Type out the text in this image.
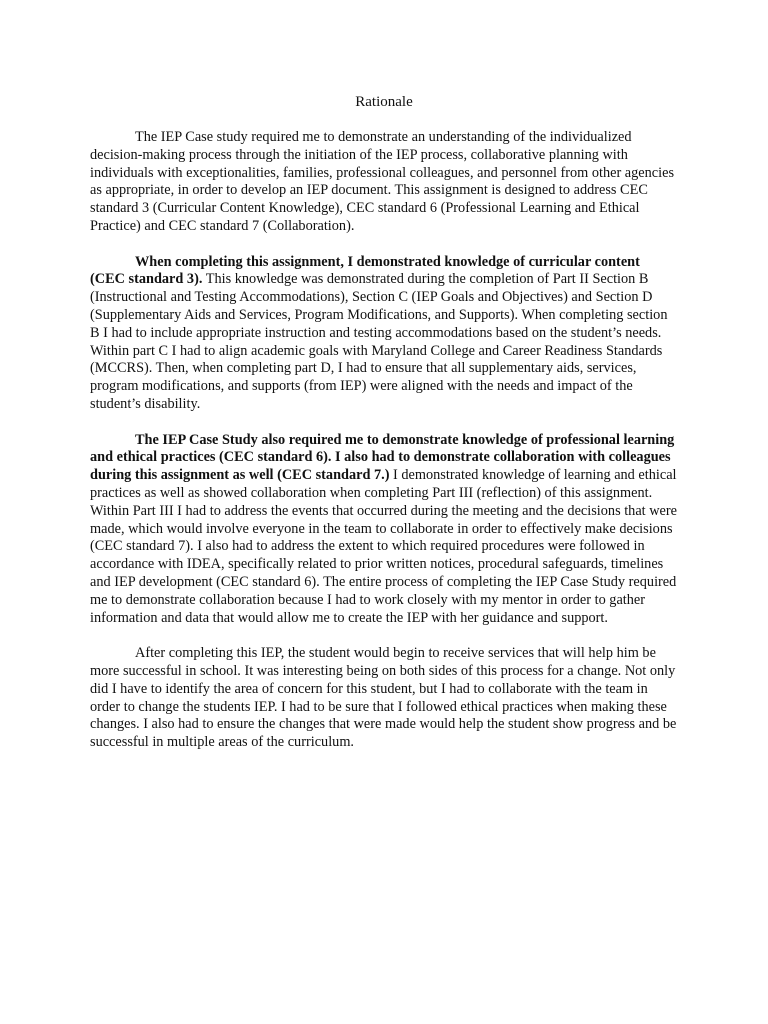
Rationale

The IEP Case study required me to demonstrate an understanding of the individualized decision-making process through the initiation of the IEP process, collaborative planning with individuals with exceptionalities, families, professional colleagues, and personnel from other agencies as appropriate, in order to develop an IEP document. This assignment is designed to address CEC standard 3 (Curricular Content Knowledge), CEC standard 6 (Professional Learning and Ethical Practice) and CEC standard 7 (Collaboration).

When completing this assignment, I demonstrated knowledge of curricular content (CEC standard 3). This knowledge was demonstrated during the completion of Part II Section B (Instructional and Testing Accommodations), Section C (IEP Goals and Objectives) and Section D (Supplementary Aids and Services, Program Modifications, and Supports). When completing section B I had to include appropriate instruction and testing accommodations based on the student’s needs. Within part C I had to align academic goals with Maryland College and Career Readiness Standards (MCCRS). Then, when completing part D, I had to ensure that all supplementary aids, services, program modifications, and supports (from IEP) were aligned with the needs and impact of the student’s disability.

The IEP Case Study also required me to demonstrate knowledge of professional learning and ethical practices (CEC standard 6). I also had to demonstrate collaboration with colleagues during this assignment as well (CEC standard 7.) I demonstrated knowledge of learning and ethical practices as well as showed collaboration when completing Part III (reflection) of this assignment. Within Part III I had to address the events that occurred during the meeting and the decisions that were made, which would involve everyone in the team to collaborate in order to effectively make decisions (CEC standard 7). I also had to address the extent to which required procedures were followed in accordance with IDEA, specifically related to prior written notices, procedural safeguards, timelines and IEP development (CEC standard 6). The entire process of completing the IEP Case Study required me to demonstrate collaboration because I had to work closely with my mentor in order to gather information and data that would allow me to create the IEP with her guidance and support.

After completing this IEP, the student would begin to receive services that will help him be more successful in school. It was interesting being on both sides of this process for a change. Not only did I have to identify the area of concern for this student, but I had to collaborate with the team in order to change the students IEP. I had to be sure that I followed ethical practices when making these changes. I also had to ensure the changes that were made would help the student show progress and be successful in multiple areas of the curriculum.
